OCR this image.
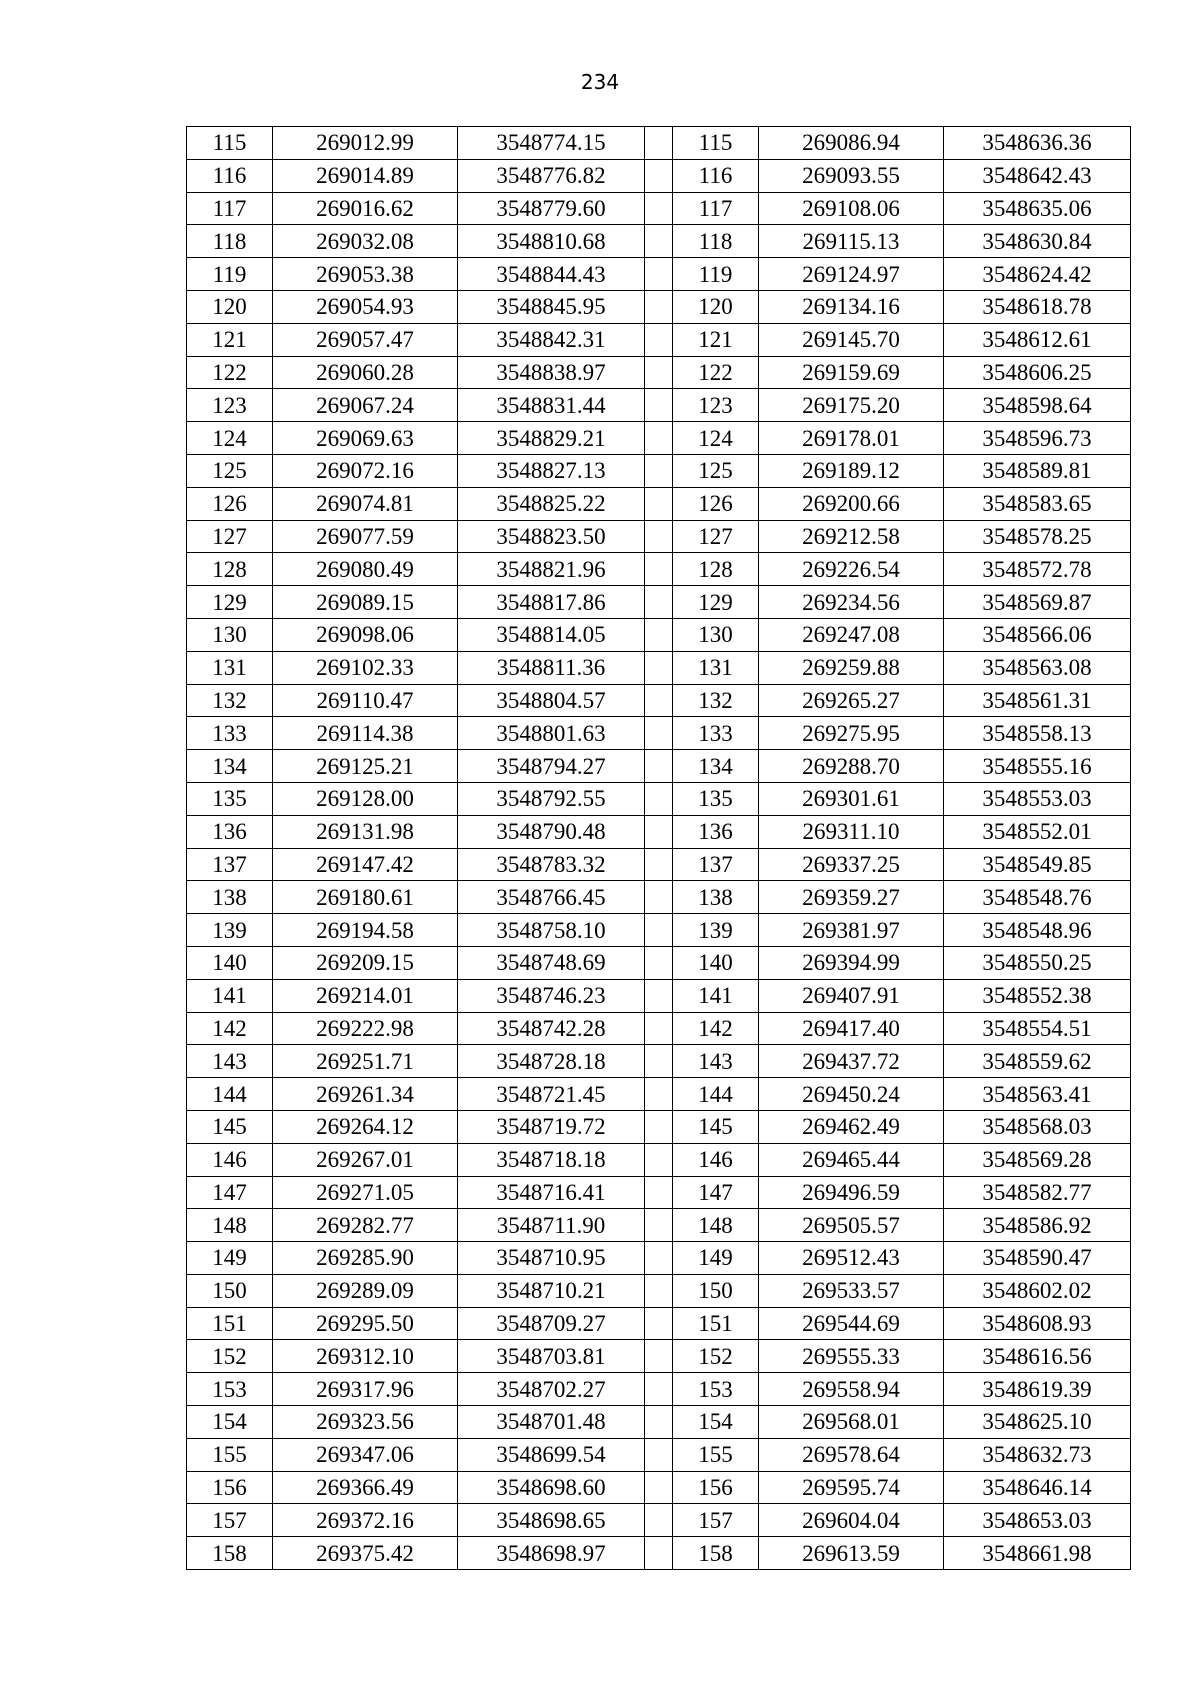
234
115	269012.99	3548774.15		115	269086.94	3548636.36
116	269014.89	3548776.82		116	269093.55	3548642.43
117	269016.62	3548779.60		117	269108.06	3548635.06
118	269032.08	3548810.68		118	269115.13	3548630.84
119	269053.38	3548844.43		119	269124.97	3548624.42
120	269054.93	3548845.95		120	269134.16	3548618.78
121	269057.47	3548842.31		121	269145.70	3548612.61
122	269060.28	3548838.97		122	269159.69	3548606.25
123	269067.24	3548831.44		123	269175.20	3548598.64
124	269069.63	3548829.21		124	269178.01	3548596.73
125	269072.16	3548827.13		125	269189.12	3548589.81
126	269074.81	3548825.22		126	269200.66	3548583.65
127	269077.59	3548823.50		127	269212.58	3548578.25
128	269080.49	3548821.96		128	269226.54	3548572.78
129	269089.15	3548817.86		129	269234.56	3548569.87
130	269098.06	3548814.05		130	269247.08	3548566.06
131	269102.33	3548811.36		131	269259.88	3548563.08
132	269110.47	3548804.57		132	269265.27	3548561.31
133	269114.38	3548801.63		133	269275.95	3548558.13
134	269125.21	3548794.27		134	269288.70	3548555.16
135	269128.00	3548792.55		135	269301.61	3548553.03
136	269131.98	3548790.48		136	269311.10	3548552.01
137	269147.42	3548783.32		137	269337.25	3548549.85
138	269180.61	3548766.45		138	269359.27	3548548.76
139	269194.58	3548758.10		139	269381.97	3548548.96
140	269209.15	3548748.69		140	269394.99	3548550.25
141	269214.01	3548746.23		141	269407.91	3548552.38
142	269222.98	3548742.28		142	269417.40	3548554.51
143	269251.71	3548728.18		143	269437.72	3548559.62
144	269261.34	3548721.45		144	269450.24	3548563.41
145	269264.12	3548719.72		145	269462.49	3548568.03
146	269267.01	3548718.18		146	269465.44	3548569.28
147	269271.05	3548716.41		147	269496.59	3548582.77
148	269282.77	3548711.90		148	269505.57	3548586.92
149	269285.90	3548710.95		149	269512.43	3548590.47
150	269289.09	3548710.21		150	269533.57	3548602.02
151	269295.50	3548709.27		151	269544.69	3548608.93
152	269312.10	3548703.81		152	269555.33	3548616.56
153	269317.96	3548702.27		153	269558.94	3548619.39
154	269323.56	3548701.48		154	269568.01	3548625.10
155	269347.06	3548699.54		155	269578.64	3548632.73
156	269366.49	3548698.60		156	269595.74	3548646.14
157	269372.16	3548698.65		157	269604.04	3548653.03
158	269375.42	3548698.97		158	269613.59	3548661.98
